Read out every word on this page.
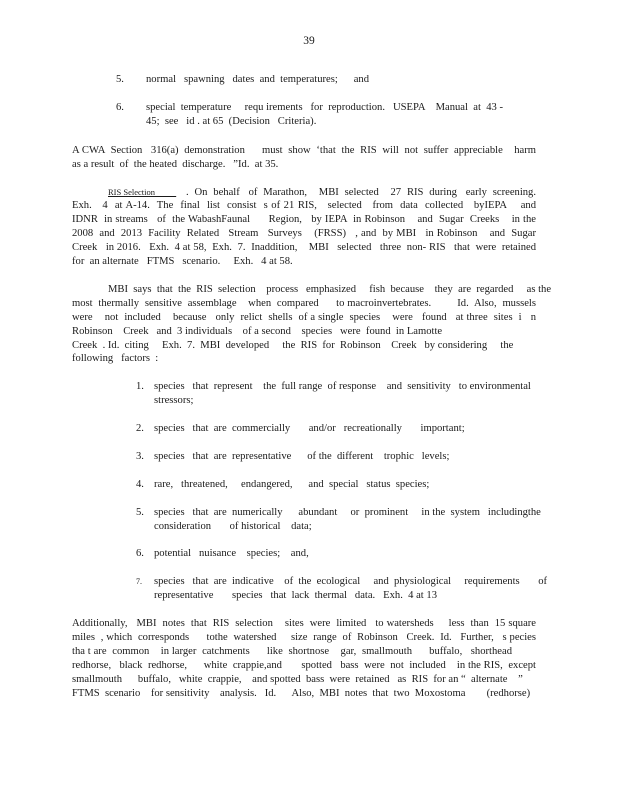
39
5. normal   spawning   dates  and  temperatures;      and
6. special  temperature     requ irements   for  reproduction.   USEPA    Manual  at  43 -
45;  see   id . at 65  (Decision   Criteria).
A CWA  Section   316(a)  demonstration      must  show  ‘that  the  RIS  will  not  suffer  appreciable    harm
as a result  of  the heated  discharge.   ”Id.  at 35.
RIS Selection	.  On  behalf   of  Marathon,    MBI  selected    27  RIS  during   early  screening.
Exh.   4  at A-14.  The  final  list  consist  s of 21 RIS,   selected   from  data  collected   byIEPA    and
IDNR  in streams   of  the WabashFaunal      Region,   by IEPA  in Robinson    and  Sugar  Creeks    in the
2008  and  2013  Facility  Related   Stream   Surveys    (FRSS)   , and  by MBI   in Robinson    and  Sugar
Creek   in 2016.   Exh.  4 at 58,  Exh.  7.  Inaddition,    MBI   selected   three  non- RIS   that  were  retained
for  an alternate   FTMS   scenario.     Exh.   4 at 58.
MBI  says  that  the  RIS  selection    process   emphasized     fish  because    they  are  regarded     as the
most  thermally  sensitive  assemblage    when  compared      to macroinvertebrates.         Id.  Also,  mussels
were    not  included    because   only  relict  shells  of a single  species    were   found   at three  sites  i   n
Robinson    Creek   and  3 individuals    of a second    species   were  found  in Lamotte
Creek  . Id.  citing     Exh.  7.  MBI  developed     the  RIS  for  Robinson    Creek   by considering     the
following   factors  :
1. species   that  represent    the  full range  of response    and  sensitivity   to environmental
stressors;
2. species   that  are  commercially       and/or   recreationally       important;
3. species   that  are  representative      of the  different    trophic   levels;
4. rare,   threatened,     endangered,      and  special   status  species;
5. species   that  are  numerically      abundant     or  prominent     in the  system   includingthe
consideration       of historical    data;
6. potential   nuisance    species;    and,
7. species   that  are  indicative    of  the  ecological     and  physiological     requirements       of
representative       species   that  lack  thermal   data.   Exh.  4 at 13
Additionally,   MBI  notes  that  RIS  selection    sites  were  limited   to watersheds     less  than  15 square
miles  , which  corresponds      tothe  watershed     size  range  of  Robinson   Creek.  Id.   Further,   s pecies
tha t are  common    in larger  catchments      like  shortnose    gar,  smallmouth      buffalo,   shorthead
redhorse,   black  redhorse,      white  crappie,and       spotted   bass  were  not  included    in the RIS,  except
smallmouth      buffalo,   white  crappie,    and spotted  bass  were  retained   as  RIS  for an “  alternate    ”
FTMS  scenario    for sensitivity    analysis.   Id.      Also,  MBI  notes  that  two  Moxostoma        (redhorse)
